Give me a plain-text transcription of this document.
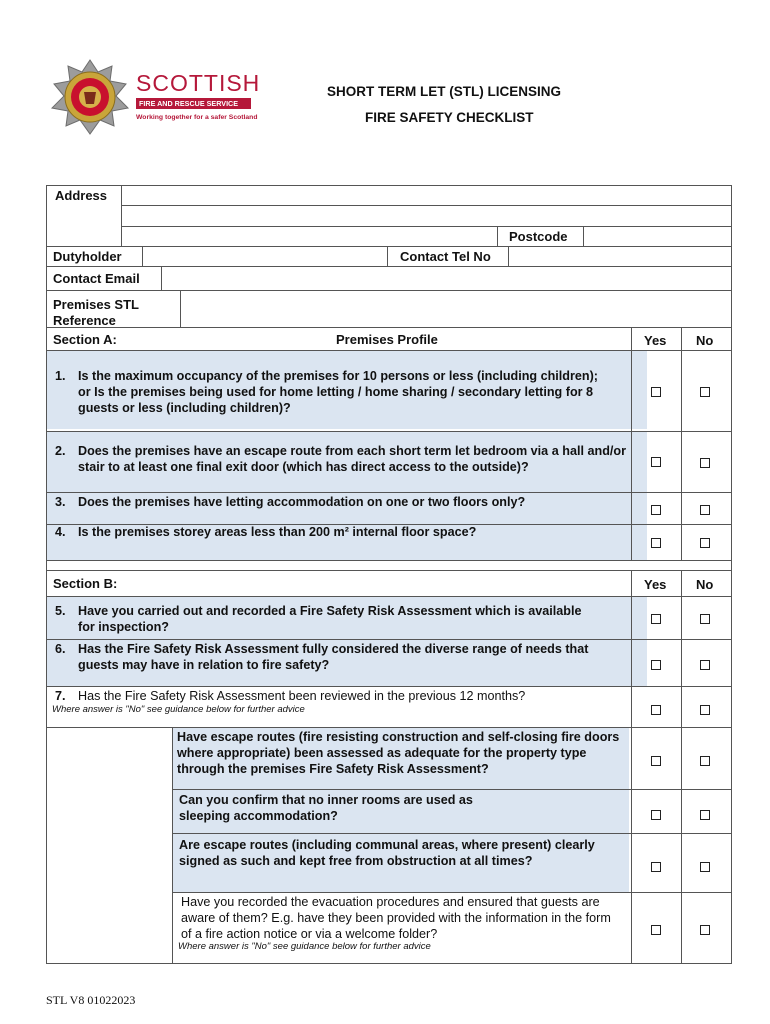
SCOTTISH
FIRE AND RESCUE SERVICE
Working together for a safer Scotland
SHORT TERM LET (STL) LICENSING
FIRE SAFETY CHECKLIST
Address
Postcode
Dutyholder	Contact Tel No
Contact Email
Premises STL Reference
Section A:	Premises Profile	Yes No
1. Is the maximum occupancy of the premises for 10 persons or less (including children); or Is the premises being used for home letting / home sharing / secondary letting for 8 guests or less (including children)?
2. Does the premises have an escape route from each short term let bedroom via a hall and/or stair to at least one final exit door (which has direct access to the outside)?
3. Does the premises have letting accommodation on one or two floors only?
4. Is the premises storey areas less than 200 m² internal floor space?
Section B:	Yes No
5. Have you carried out and recorded a Fire Safety Risk Assessment which is available for inspection?
6. Has the Fire Safety Risk Assessment fully considered the diverse range of needs that guests may have in relation to fire safety?
7. Has the Fire Safety Risk Assessment been reviewed in the previous 12 months?
Where answer is "No" see guidance below for further advice
Have escape routes (fire resisting construction and self-closing fire doors where appropriate) been assessed as adequate for the property type through the premises Fire Safety Risk Assessment?
Can you confirm that no inner rooms are used as sleeping accommodation?
Are escape routes (including communal areas, where present) clearly signed as such and kept free from obstruction at all times?
Have you recorded the evacuation procedures and ensured that guests are aware of them? E.g. have they been provided with the information in the form of a fire action notice or via a welcome folder?
Where answer is "No" see guidance below for further advice
STL V8 01022023
